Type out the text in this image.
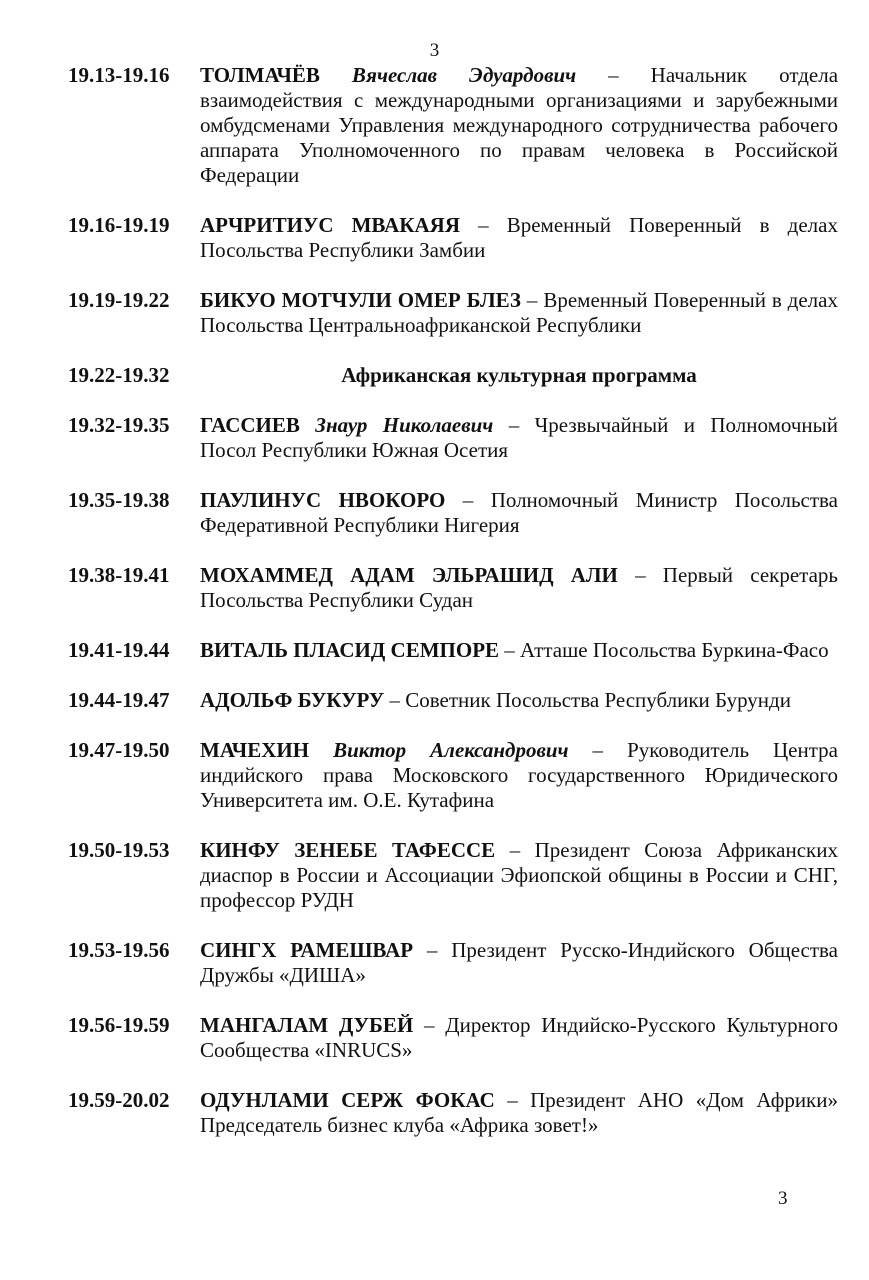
3
19.13-19.16 ТОЛМАЧЁВ Вячеслав Эдуардович – Начальник отдела взаимодействия с международными организациями и зарубежными омбудсменами Управления международного сотрудничества рабочего аппарата Уполномоченного по правам человека в Российской Федерации
19.16-19.19 АРЧРИТИУС МВАКАЯЯ – Временный Поверенный в делах Посольства Республики Замбии
19.19-19.22 БИКУО МОТЧУЛИ ОМЕР БЛЕЗ – Временный Поверенный в делах Посольства Центральноафриканской Республики
19.22-19.32	Африканская культурная программа
19.32-19.35 ГАССИЕВ Знаур Николаевич – Чрезвычайный и Полномочный Посол Республики Южная Осетия
19.35-19.38 ПАУЛИНУС НВОКОРО – Полномочный Министр Посольства Федеративной Республики Нигерия
19.38-19.41 МОХАММЕД АДАМ ЭЛЬРАШИД АЛИ – Первый секретарь Посольства Республики Судан
19.41-19.44 ВИТАЛЬ ПЛАСИД СЕМПОРЕ – Атташе Посольства Буркина-Фасо
19.44-19.47 АДОЛЬФ БУКУРУ – Советник Посольства Республики Бурунди
19.47-19.50 МАЧЕХИН Виктор Александрович – Руководитель Центра индийского права Московского государственного Юридического Университета им. О.Е. Кутафина
19.50-19.53 КИНФУ ЗЕНЕБЕ ТАФЕССЕ – Президент Союза Африканских диаспор в России и Ассоциации Эфиопской общины в России и СНГ, профессор РУДН
19.53-19.56 СИНГХ РАМЕШВАР – Президент Русско-Индийского Общества Дружбы «ДИША»
19.56-19.59 МАНГАЛАМ ДУБЕЙ – Директор Индийско-Русского Культурного Сообщества «INRUCS»
19.59-20.02 ОДУНЛАМИ СЕРЖ ФОКАС – Президент АНО «Дом Африки» Председатель бизнес клуба «Африка зовет!»
3
